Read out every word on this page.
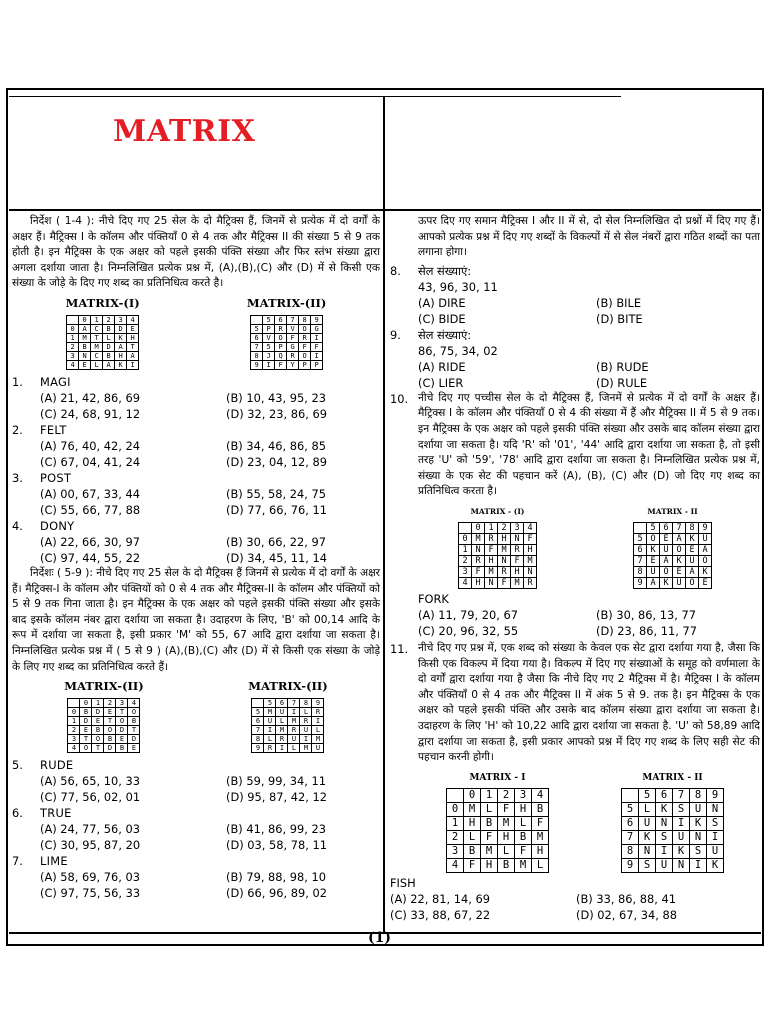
MATRIX

निर्देश ( 1-4 ): नीचे दिए गए 25 सेल के दो मैट्रिक्स हैं, जिनमें से प्रत्येक में दो वर्गों के अक्षर हैं। मैट्रिक्स I के कॉलम और पंक्तियाँ 0 से 4 तक और मैट्रिक्स II की संख्या 5 से 9 तक होती है। इन मैट्रिक्स के एक अक्षर को पहले इसकी पंक्ति संख्या और फिर स्तंभ संख्या द्वारा अगला दर्शाया जाता है। निम्नलिखित प्रत्येक प्रश्न में, (A),(B),(C) और (D) में से किसी एक संख्या के जोड़े के दिए गए शब्द का प्रतिनिधित्व करते है।

MATRIX-(I)
	0	1	2	3	4
0	A	C	B	D	E
1	M	T	L	K	H
2	B	M	D	A	T
3	N	C	B	H	A
4	E	L	A	K	I
MATRIX-(II)
	5	6	7	8	9
5	P	R	V	O	G
6	V	O	F	R	I
7	5	P	G	F	F
8	J	Q	R	O	I
9	I	F	Y	P	P
1.	MAGI
(A) 21, 42, 86, 69	(B) 10, 43, 95, 23
(C) 24, 68, 91, 12	(D) 32, 23, 86, 69
2.	FELT
(A) 76, 40, 42, 24	(B) 34, 46, 86, 85
(C) 67, 04, 41, 24	(D) 23, 04, 12, 89
3.	POST
(A) 00, 67, 33, 44	(B) 55, 58, 24, 75
(C) 55, 66, 77, 88	(D) 77, 66, 76, 11
4.	DONY
(A) 22, 66, 30, 97	(B) 30, 66, 22, 97
(C) 97, 44, 55, 22	(D) 34, 45, 11, 14

निर्देशः ( 5-9 ): नीचे दिए गए 25 सेल के दो मैट्रिक्स हैं जिनमें से प्रत्येक में दो वर्गों के अक्षर हैं। मैट्रिक्स-I के कॉलम और पंक्तियों को 0 से 4 तक और मैट्रिक्स-II के कॉलम और पंक्तियों को 5 से 9 तक गिना जाता है। इन मैट्रिक्स के एक अक्षर को पहले इसकी पंक्ति संख्या और इसके बाद इसके कॉलम नंबर द्वारा दर्शाया जा सकता है। उदाहरण के लिए, 'B' को 00,14 आदि के रूप में दर्शाया जा सकता है, इसी प्रकार 'M' को 55, 67 आदि द्वारा दर्शाया जा सकता है। निम्नलिखित प्रत्येक प्रश्न में ( 5 से 9 ) (A),(B),(C) और (D) में से किसी एक संख्या के जोड़े के लिए गए शब्द का प्रतिनिधित्व करते हैं।

MATRIX-(II)
	0	1	2	3	4
0	B	D	E	T	O
1	D	E	T	O	B
2	E	B	O	D	T
3	T	O	B	E	D
4	O	T	D	B	E
MATRIX-(II)
	5	6	7	8	9
5	M	U	I	L	R
6	U	L	M	R	I
7	I	M	R	U	L
8	L	R	U	I	M
9	R	I	L	M	U
5.	RUDE
(A) 56, 65, 10, 33	(B) 59, 99, 34, 11
(C) 77, 56, 02, 01	(D) 95, 87, 42, 12
6.	TRUE
(A) 24, 77, 56, 03	(B) 41, 86, 99, 23
(C) 30, 95, 87, 20	(D) 03, 58, 78, 11
7.	LIME
(A) 58, 69, 76, 03	(B) 79, 88, 98, 10
(C) 97, 75, 56, 33	(D) 66, 96, 89, 02

ऊपर दिए गए समान मैट्रिक्स I और II में से, दो सेल निम्नलिखित दो प्रश्नों में दिए गए हैं। आपको प्रत्येक प्रश्न में दिए गए शब्दों के विकल्पों में से सेल नंबरों द्वारा गठित शब्दों का पता लगाना होगा।

8.	सेल संख्याएं:
43, 96, 30, 11
(A) DIRE	(B) BILE
(C) BIDE	(D) BITE
9.	सेल संख्याएं:
86, 75, 34, 02
(A) RIDE	(B) RUDE
(C) LIER	(D) RULE
10. नीचे दिए गए पच्चीस सेल के दो मैट्रिक्स हैं, जिनमें से प्रत्येक में दो वर्गों के अक्षर हैं। मैट्रिक्स I के कॉलम और पंक्तियाँ 0 से 4 की संख्या में हैं और मैट्रिक्स II में 5 से 9 तक। इन मैट्रिक्स के एक अक्षर को पहले इसकी पंक्ति संख्या और उसके बाद कॉलम संख्या द्वारा दर्शाया जा सकता है। यदि 'R' को '01', '44' आदि द्वारा दर्शाया जा सकता है, तो इसी तरह 'U' को '59', '78' आदि द्वारा दर्शाया जा सकता है। निम्नलिखित प्रत्येक प्रश्न में, संख्या के एक सेट की पहचान करें (A), (B), (C) और (D) जो दिए गए शब्द का प्रतिनिधित्व करता है।
MATRIX - (I)
	0	1	2	3	4
0	M	R	H	N	F
1	N	F	M	R	H
2	R	H	N	F	M
3	F	M	R	H	N
4	H	N	F	M	R
MATRIX - II
	5	6	7	8	9
5	O	E	A	K	U
6	K	U	O	E	A
7	E	A	K	U	O
8	U	O	E	A	K
9	A	K	U	O	E
FORK
(A) 11, 79, 20, 67	(B) 30, 86, 13, 77
(C) 20, 96, 32, 55	(D) 23, 86, 11, 77
11. नीचे दिए गए प्रश्न में, एक शब्द को संख्या के केवल एक सेट द्वारा दर्शाया गया है, जैसा कि किसी एक विकल्प में दिया गया है। विकल्प में दिए गए संख्याओं के समूह को वर्णमाला के दो वर्गों द्वारा दर्शाया गया है जैसा कि नीचे दिए गए 2 मैट्रिक्स में है। मैट्रिक्स I के कॉलम और पंक्तियाँ 0 से 4 तक और मैट्रिक्स II में अंक 5 से 9. तक है। इन मैट्रिक्स के एक अक्षर को पहले इसकी पंक्ति और उसके बाद कॉलम संख्या द्वारा दर्शाया जा सकता है। उदाहरण के लिए 'H' को 10,22 आदि द्वारा दर्शाया जा सकता है. 'U' को 58,89 आदि द्वारा दर्शाया जा सकता है, इसी प्रकार आपको प्रश्न में दिए गए शब्द के लिए सही सेट की पहचान करनी होगी।
MATRIX - I
	0	1	2	3	4
0	M	L	F	H	B
1	H	B	M	L	F
2	L	F	H	B	M
3	B	M	L	F	H
4	F	H	B	M	L
MATRIX - II
	5	6	7	8	9
5	L	K	S	U	N
6	U	N	I	K	S
7	K	S	U	N	I
8	N	I	K	S	U
9	S	U	N	I	K
FISH
(A) 22, 81, 14, 69	(B) 33, 86, 88, 41
(C) 33, 88, 67, 22	(D) 02, 67, 34, 88
(1)
